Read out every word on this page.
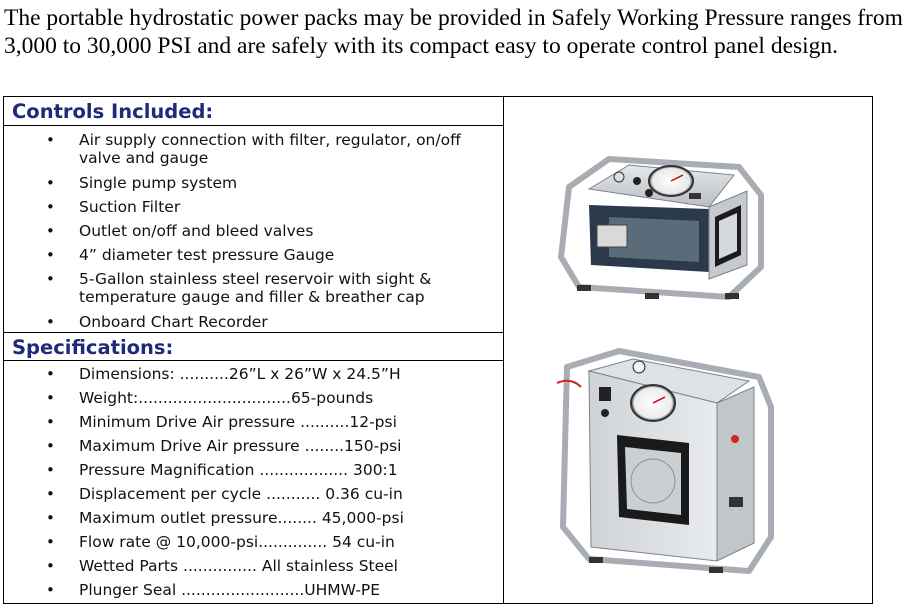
The portable hydrostatic power packs may be provided in Safely Working Pressure ranges from 3,000 to 30,000 PSI and are safely with its compact easy to operate control panel design.
Controls Included:
• Air supply connection with filter, regulator, on/off valve and gauge
• Single pump system
• Suction Filter
• Outlet on/off and bleed valves
• 4” diameter test pressure Gauge
• 5-Gallon stainless steel reservoir with sight & temperature gauge and filler & breather cap
• Onboard Chart Recorder
Specifications:
• Dimensions: ..........26”L x 26”W x 24.5”H
• Weight:...............................65-pounds
• Minimum Drive Air pressure ..........12-psi
• Maximum Drive Air pressure ........150-psi
• Pressure Magnification .................. 300:1
• Displacement per cycle ........... 0.36 cu-in
• Maximum outlet pressure........ 45,000-psi
• Flow rate @ 10,000-psi.............. 54 cu-in
• Wetted Parts ............... All stainless Steel
• Plunger Seal .........................UHMW-PE
